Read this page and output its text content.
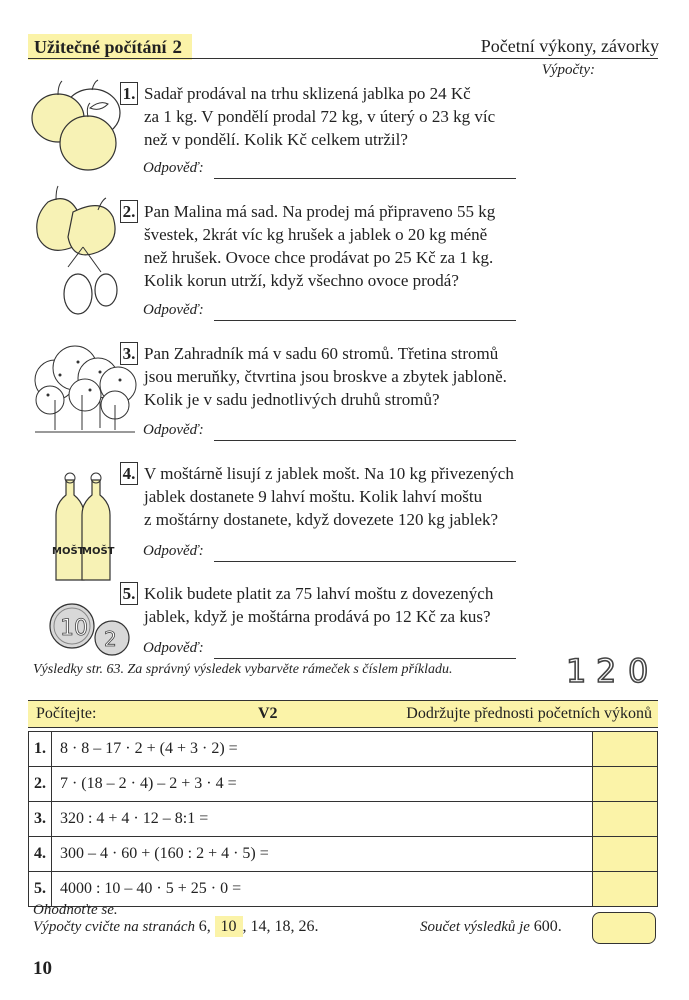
Užitečné počítání 2	Početní výkony, závorky
Výpočty:
MOŠT
MOŠT
10 2
1. Sadař prodával na trhu sklizená jablka po 24 Kč
za 1 kg. V pondělí prodal 72 kg, v úterý o 23 kg víc
než v pondělí. Kolik Kč celkem utržil?
Odpověď:
2. Pan Malina má sad. Na prodej má připraveno 55 kg
švestek, 2krát víc kg hrušek a jablek o 20 kg méně
než hrušek. Ovoce chce prodávat po 25 Kč za 1 kg.
Kolik korun utrží, když všechno ovoce prodá?
Odpověď:
3. Pan Zahradník má v sadu 60 stromů. Třetina stromů
jsou meruňky, čtvrtina jsou broskve a zbytek jabloně.
Kolik je v sadu jednotlivých druhů stromů?
Odpověď:
4. V moštárně lisují z jablek mošt. Na 10 kg přivezených
jablek dostanete 9 lahví moštu. Kolik lahví moštu
z moštárny dostanete, když dovezete 120 kg jablek?
Odpověď:
5. Kolik budete platit za 75 lahví moštu z dovezených
jablek, když je moštárna prodává po 12 Kč za kus?
Odpověď:
Výsledky str. 63. Za správný výsledek vybarvěte rámeček s číslem příkladu.	1 2 0
Počítejte:	V2	Dodržujte přednosti početních výkonů
1.	8 · 8 – 17 · 2 + (4 + 3 · 2) =	
2.	7 · (18 – 2 · 4) – 2 + 3 · 4 =	
3.	320 : 4 + 4 · 12 – 8:1 =	
4.	300 – 4 · 60 + (160 : 2 + 4 · 5) =	
5.	4000 : 10 – 40 · 5 + 25 · 0 =	
Ohodnoťte se.
Výpočty cvičte na stranách 6, 10 , 14, 18, 26.	Součet výsledků je 600.
10
